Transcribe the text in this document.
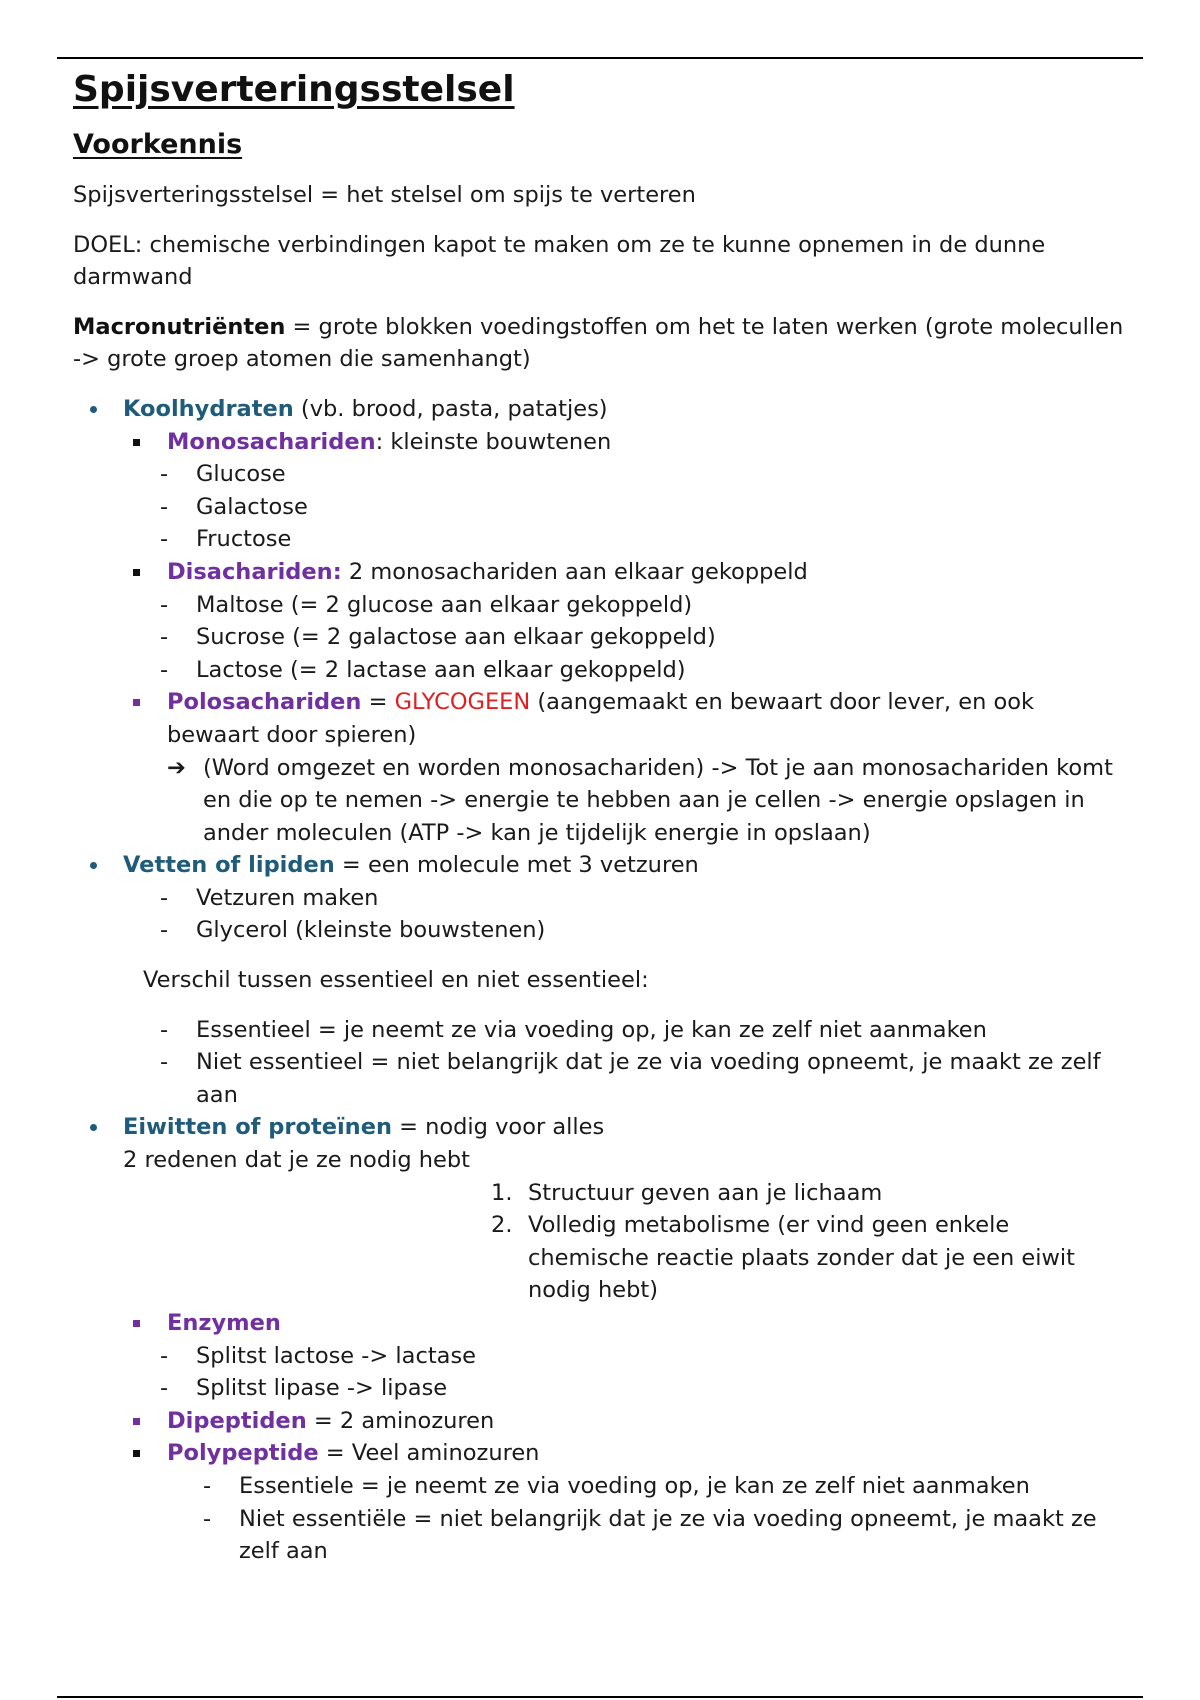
Spijsverteringsstelsel
Voorkennis

Spijsverteringsstelsel = het stelsel om spijs te verteren

DOEL: chemische verbindingen kapot te maken om ze te kunne opnemen in de dunne darmwand

Macronutriënten = grote blokken voedingstoffen om het te laten werken (grote molecullen -> grote groep atomen die samenhangt)

Koolhydraten (vb. brood, pasta, patatjes)
Monosachariden: kleinste bouwtenen
- Glucose
- Galactose
- Fructose
Disachariden: 2 monosachariden aan elkaar gekoppeld
- Maltose (= 2 glucose aan elkaar gekoppeld)
- Sucrose (= 2 galactose aan elkaar gekoppeld)
- Lactose (= 2 lactase aan elkaar gekoppeld)
Polosachariden = GLYCOGEEN (aangemaakt en bewaart door lever, en ook bewaart door spieren)
➔ (Word omgezet en worden monosachariden) -> Tot je aan monosachariden komt en die op te nemen -> energie te hebben aan je cellen -> energie opslagen in ander moleculen (ATP -> kan je tijdelijk energie in opslaan)
Vetten of lipiden = een molecule met 3 vetzuren
- Vetzuren maken
- Glycerol (kleinste bouwstenen)

Verschil tussen essentieel en niet essentieel:

- Essentieel = je neemt ze via voeding op, je kan ze zelf niet aanmaken
- Niet essentieel = niet belangrijk dat je ze via voeding opneemt, je maakt ze zelf aan
Eiwitten of proteïnen = nodig voor alles

2 redenen dat je ze nodig hebt

1. Structuur geven aan je lichaam
2. Volledig metabolisme (er vind geen enkele chemische reactie plaats zonder dat je een eiwit nodig hebt)
Enzymen
- Splitst lactose -> lactase
- Splitst lipase -> lipase
Dipeptiden = 2 aminozuren
Polypeptide = Veel aminozuren
- Essentiele = je neemt ze via voeding op, je kan ze zelf niet aanmaken
- Niet essentiële = niet belangrijk dat je ze via voeding opneemt, je maakt ze zelf aan
